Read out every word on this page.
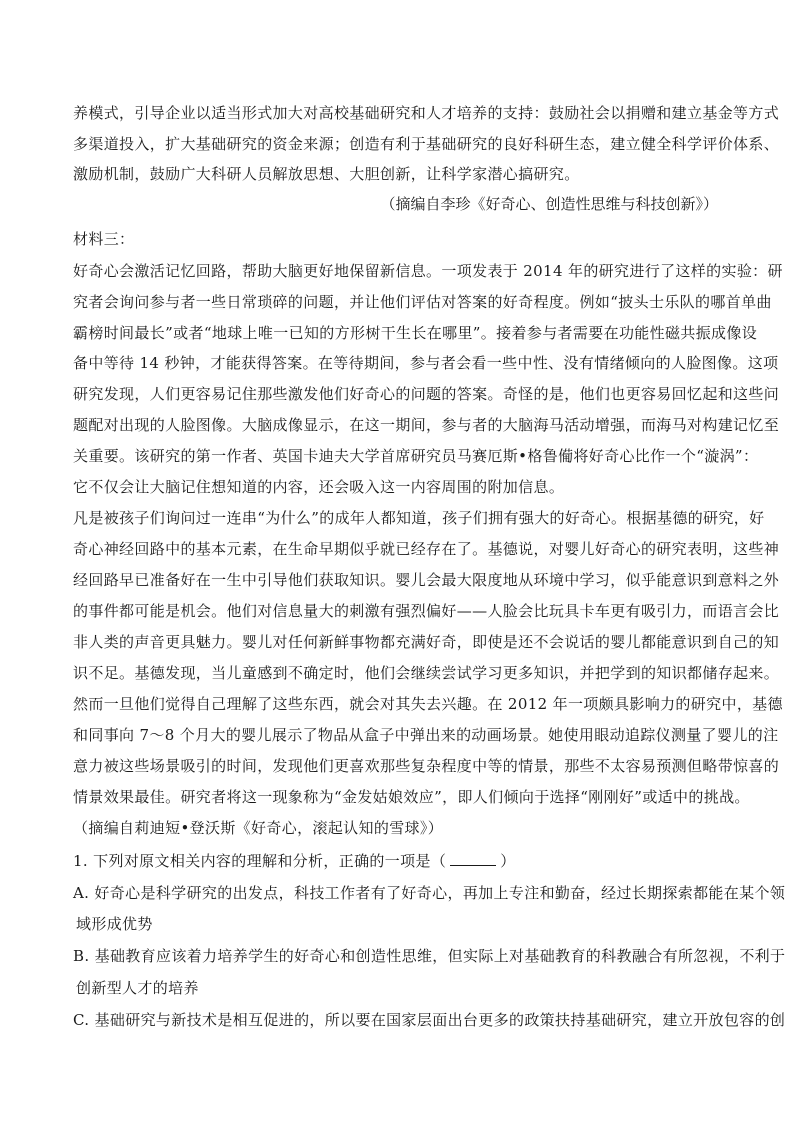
养模式，引导企业以适当形式加大对高校基础研究和人才培养的支持：鼓励社会以捐赠和建立基金等方式
多渠道投入，扩大基础研究的资金来源；创造有利于基础研究的良好科研生态，建立健全科学评价体系、
激励机制，鼓励广大科研人员解放思想、大胆创新，让科学家潜心搞研究。
（摘编自李珍《好奇心、创造性思维与科技创新》）
材料三：
好奇心会激活记忆回路，帮助大脑更好地保留新信息。一项发表于 2014 年的研究进行了这样的实验：研
究者会询问参与者一些日常琐碎的问题，并让他们评估对答案的好奇程度。例如“披头士乐队的哪首单曲
霸榜时间最长”或者“地球上唯一已知的方形树干生长在哪里”。接着参与者需要在功能性磁共振成像设
备中等待 14 秒钟，才能获得答案。在等待期间，参与者会看一些中性、没有情绪倾向的人脸图像。这项
研究发现，人们更容易记住那些激发他们好奇心的问题的答案。奇怪的是，他们也更容易回忆起和这些问
题配对出现的人脸图像。大脑成像显示，在这一期间，参与者的大脑海马活动增强，而海马对构建记忆至
关重要。该研究的第一作者、英国卡迪夫大学首席研究员马赛厄斯•格鲁僃将好奇心比作一个“漩涡”：
它不仅会让大脑记住想知道的内容，还会吸入这一内容周围的附加信息。
凡是被孩子们询问过一连串“为什么”的成年人都知道，孩子们拥有强大的好奇心。根据基德的研究，好
奇心神经回路中的基本元素，在生命早期似乎就已经存在了。基德说，对婴儿好奇心的研究表明，这些神
经回路早已准备好在一生中引导他们获取知识。婴儿会最大限度地从环境中学习，似乎能意识到意料之外
的事件都可能是机会。他们对信息量大的刺激有强烈偏好——人脸会比玩具卡车更有吸引力，而语言会比
非人类的声音更具魅力。婴儿对任何新鲜事物都充满好奇，即使是还不会说话的婴儿都能意识到自己的知
识不足。基德发现，当儿童感到不确定时，他们会继续尝试学习更多知识，并把学到的知识都储存起来。
然而一旦他们觉得自己理解了这些东西，就会对其失去兴趣。在 2012 年一项颇具影响力的研究中，基德
和同事向 7～8 个月大的婴儿展示了物品从盒子中弹出来的动画场景。她使用眼动追踪仪测量了婴儿的注
意力被这些场景吸引的时间，发现他们更喜欢那些复杂程度中等的情景，那些不太容易预测但略带惊喜的
情景效果最佳。研究者将这一现象称为“金发姑娘效应”，即人们倾向于选择“刚刚好”或适中的挑战。
（摘编自莉迪短•登沃斯《好奇心，滚起认知的雪球》）
1. 下列对原文相关内容的理解和分析，正确的一项是（	）
A. 好奇心是科学研究的出发点，科技工作者有了好奇心，再加上专注和勤奋，经过长期探索都能在某个领
域形成优势
B. 基础教育应该着力培养学生的好奇心和创造性思维，但实际上对基础教育的科教融合有所忽视，不利于
创新型人才的培养
C. 基础研究与新技术是相互促进的，所以要在国家层面出台更多的政策扶持基础研究，建立开放包容的创
